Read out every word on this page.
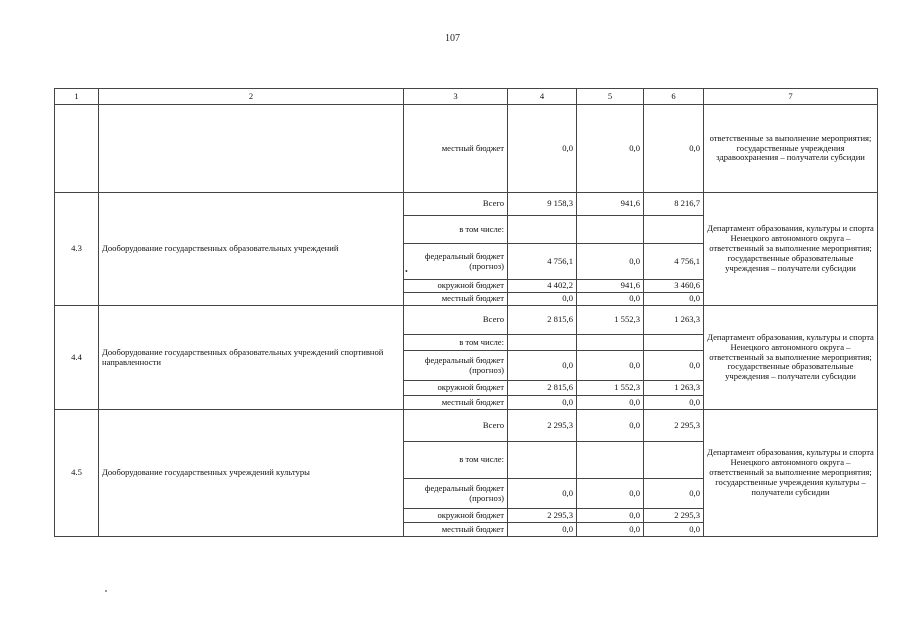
107
1	2	3	4	5	6	7
		местный бюджет	0,0	0,0	0,0	ответственные за выполнение мероприятия; государственные учреждения здравоохранения – получатели субсидии
4.3	Дооборудование государственных образовательных учреждений	Всего	9 158,3	941,6	8 216,7	Департамент образования, культуры и спорта Ненецкого автономного округа – ответственный за выполнение мероприятия; государственные образовательные учреждения – получатели субсидии
		в том числе:				
		федеральный бюджет (прогноз)	4 756,1	0,0	4 756,1	
		окружной бюджет	4 402,2	941,6	3 460,6	
		местный бюджет	0,0	0,0	0,0	
4.4	Дооборудование государственных образовательных учреждений спортивной направленности	Всего	2 815,6	1 552,3	1 263,3	Департамент образования, культуры и спорта Ненецкого автономного округа – ответственный за выполнение мероприятия; государственные образовательные учреждения – получатели субсидии
		в том числе:				
		федеральный бюджет (прогноз)	0,0	0,0	0,0	
		окружной бюджет	2 815,6	1 552,3	1 263,3	
		местный бюджет	0,0	0,0	0,0	
4.5	Дооборудование государственных учреждений культуры	Всего	2 295,3	0,0	2 295,3	Департамент образования, культуры и спорта Ненецкого автономного округа – ответственный за выполнение мероприятия; государственные учреждения культуры – получатели субсидии
		в том числе:				
		федеральный бюджет (прогноз)	0,0	0,0	0,0	
		окружной бюджет	2 295,3	0,0	2 295,3	
		местный бюджет	0,0	0,0	0,0	
•
